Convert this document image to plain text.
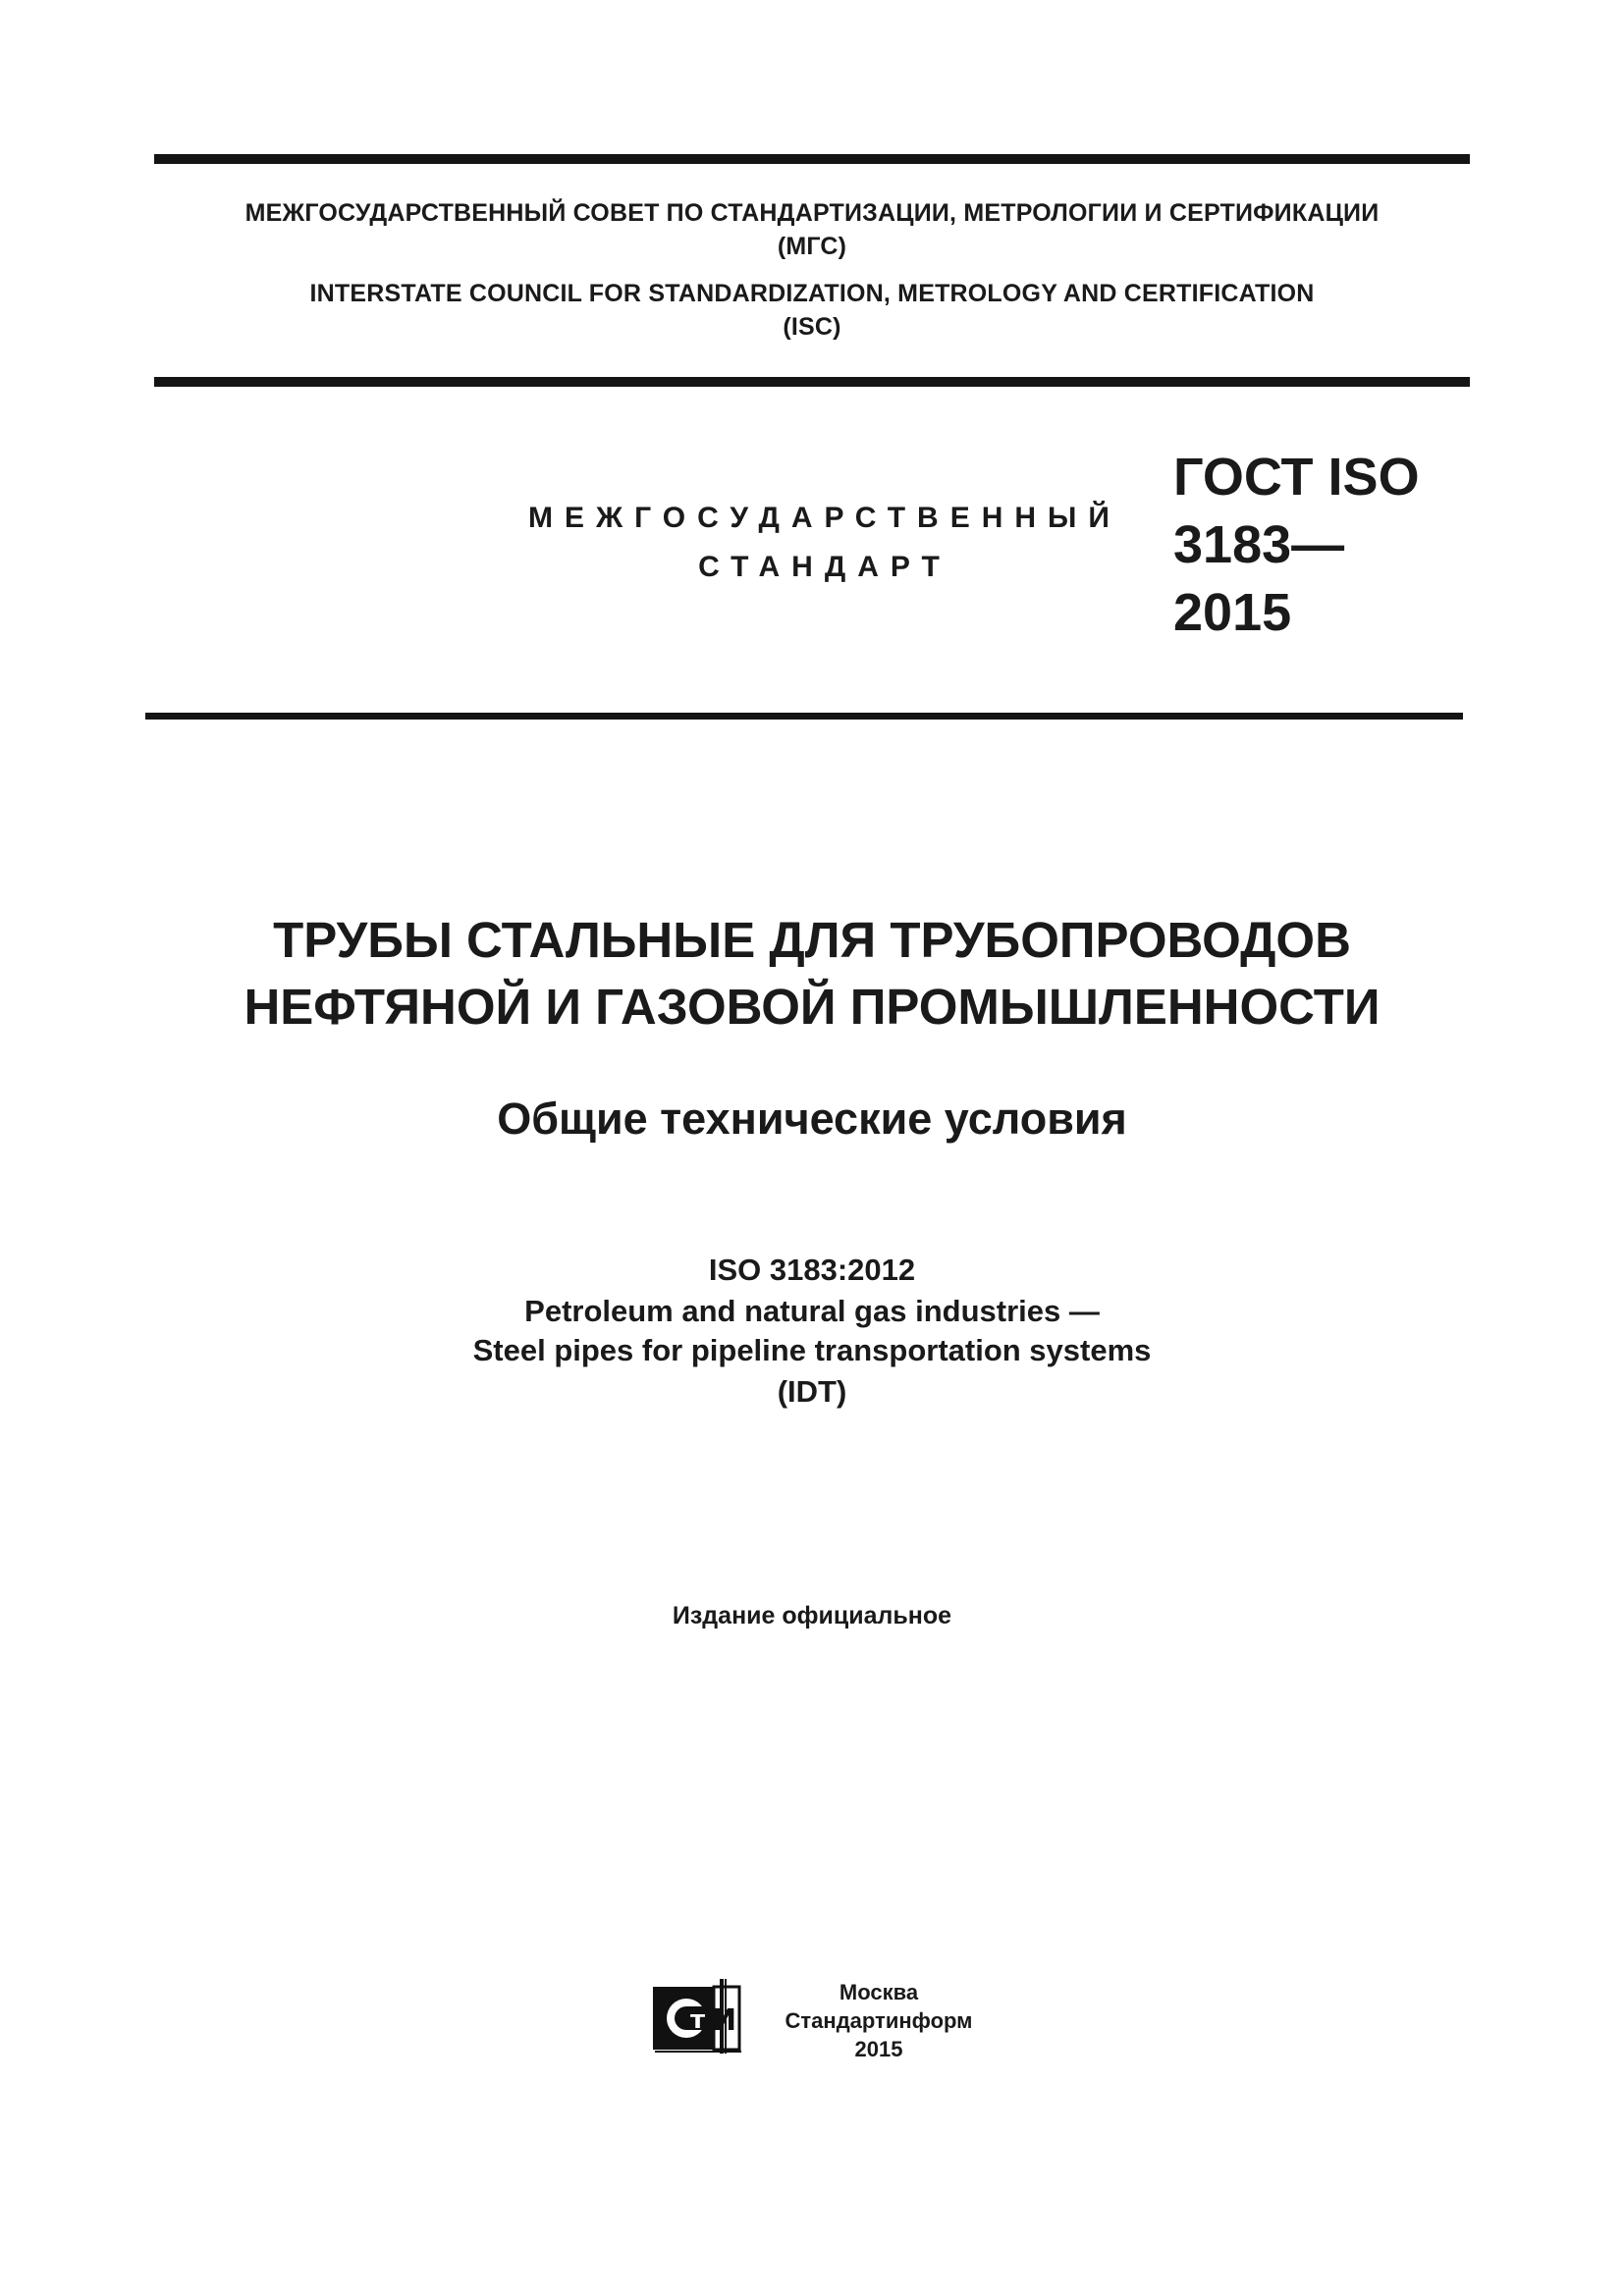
МЕЖГОСУДАРСТВЕННЫЙ СОВЕТ ПО СТАНДАРТИЗАЦИИ, МЕТРОЛОГИИ И СЕРТИФИКАЦИИ
(МГС)
INTERSTATE COUNCIL FOR STANDARDIZATION, METROLOGY AND CERTIFICATION
(ISC)
МЕЖГОСУДАРСТВЕННЫЙ
СТАНДАРТ
ГОСТ ISO
3183—
2015
ТРУБЫ СТАЛЬНЫЕ ДЛЯ ТРУБОПРОВОДОВ
НЕФТЯНОЙ И ГАЗОВОЙ ПРОМЫШЛЕННОСТИ
Общие технические условия
ISO 3183:2012
Petroleum and natural gas industries —
Steel pipes for pipeline transportation systems
(IDT)
Издание официальное
т И
Москва
Стандартинформ
2015
